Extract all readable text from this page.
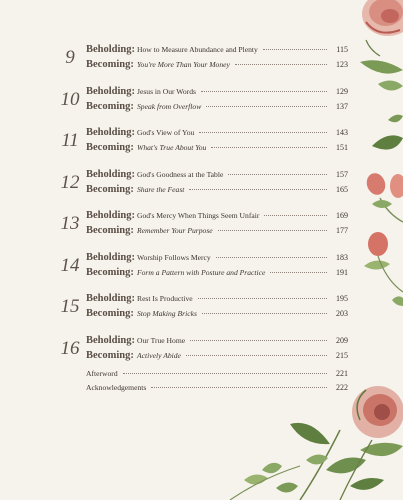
9	Beholding: How to Measure Abundance and Plenty	115
Becoming: You're More Than Your Money	123
10 Beholding: Jesus in Our Words	129
Becoming: Speak from Overflow	137
11 Beholding: God's View of You	143
Becoming: What's True About You	151
12 Beholding: God's Goodness at the Table	157
Becoming: Share the Feast	165
13 Beholding: God's Mercy When Things Seem Unfair	169
Becoming: Remember Your Purpose	177
14 Beholding: Worship Follows Mercy	183
Becoming: Form a Pattern with Posture and Practice	191
15 Beholding: Rest Is Productive	195
Becoming: Stop Making Bricks	203
16 Beholding: Our True Home	209
Becoming: Actively Abide	215
Afterword	221
Acknowledgements	222
